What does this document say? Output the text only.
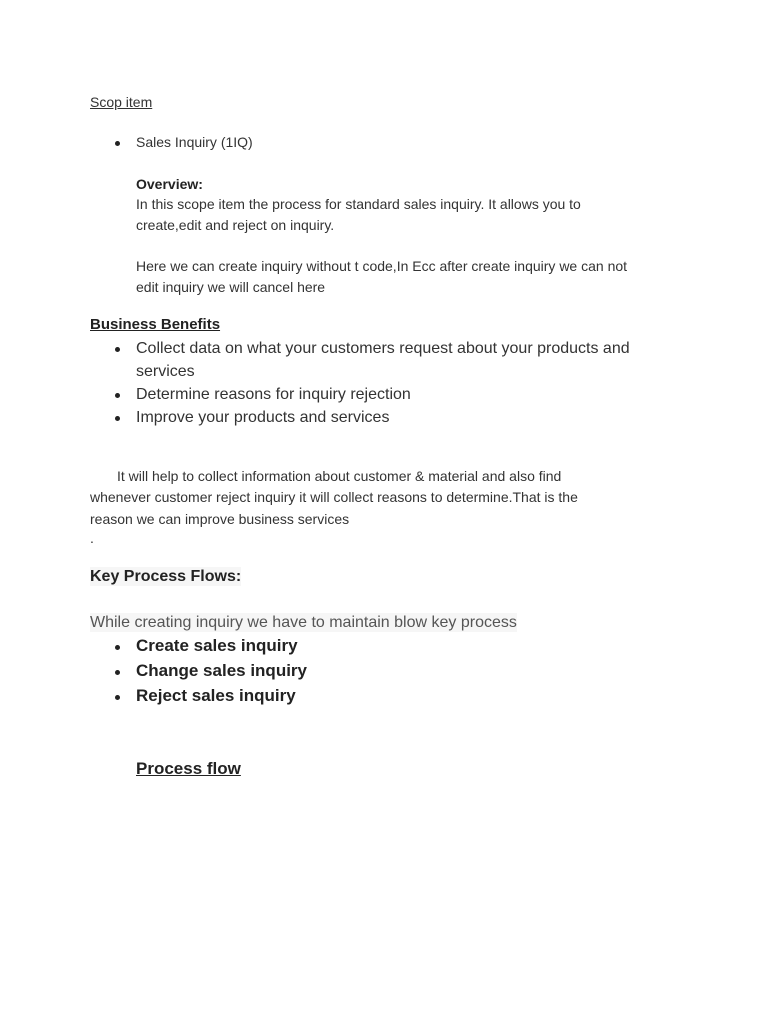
Scop item
Sales Inquiry (1IQ)
Overview:
In this scope item the process for standard sales inquiry. It allows you to
create,edit and reject on inquiry.
Here we can create inquiry without t code,In Ecc after create inquiry we can not
edit inquiry we will cancel here
Business Benefits
Collect data on what your customers request about your products and
services
Determine reasons for inquiry rejection
Improve your products and services
It will help to collect information about customer & material and also find
whenever customer reject inquiry it will collect reasons to determine.That is the
reason we can improve business services
.
Key Process Flows:
While creating inquiry we have to maintain blow key process
Create sales inquiry
Change sales inquiry
Reject sales inquiry
Process flow
